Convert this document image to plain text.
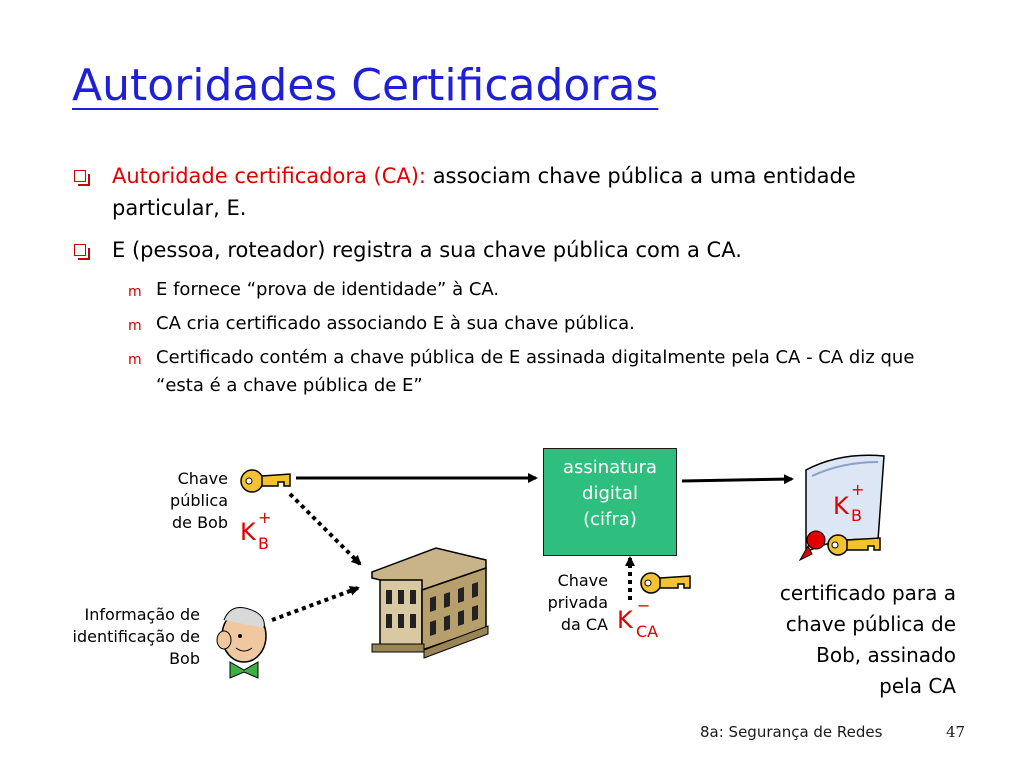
Autoridades Certificadoras
Autoridade certificadora (CA): associam chave pública a uma entidade particular, E.
E (pessoa, roteador) registra a sua chave pública com a CA.
m E fornece “prova de identidade” à CA.
m CA cria certificado associando E à sua chave pública.
m Certificado contém a chave pública de E assinada digitalmente pela CA - CA diz que “esta é a chave pública de E”
Chave
pública
de Bob K
+
B
Informação de
identificação de
Bob
assinatura
digital
(cifra)
Chave
privada
da CA K
−
CA
K
+
B
certificado para a
chave pública de
Bob, assinado
pela CA
8a: Segurança de Redes	47
